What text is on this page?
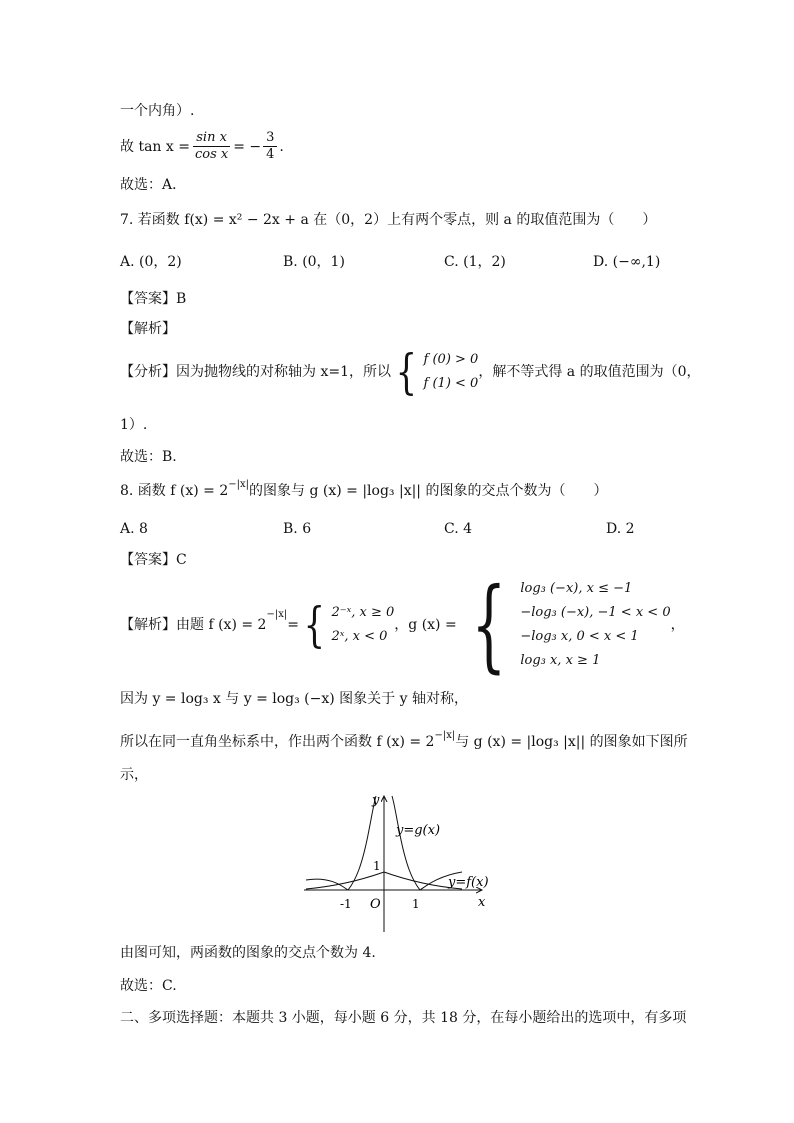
一个内角）.
故 $\tan x = \frac{\text{sin x}}{\text{cos x}}$ = − $\frac{3}{4}$ .
故选：A．
7. 若函数 f(x) = x² − 2x + a 在（0，2）上有两个零点，则 a 的取值范围为（　　）
A. (0，2)	B. (0，1)	C. (1，2)	D. (−∞,1)
【答案】B
【解析】
【分析】因为抛物线的对称轴为 x=1，所以 { f (0) > 0
f (1) < 0
，解不等式得 a 的取值范围为（0，
1）.
故选：B.
8. 函数 f (x) = 2 −|x| 的图象与 g (x) = |log₃ |x|| 的图象的交点个数为（　　）
A. 8	B. 6	C. 4	D. 2
【答案】C
【解析】由题 f (x) = 2
−|x|
= { 2⁻ˣ, x ≥ 0
2ˣ, x < 0
，g (x) = { log₃ (−x), x ≤ −1
−log₃ (−x), −1 < x < 0
−log₃ x, 0 < x < 1
log₃ x, x ≥ 1
，
因为 y = log₃ x 与 y = log₃ (−x) 图象关于 y 轴对称，
所以在同一直角坐标系中，作出两个函数 f (x) = 2 −|x| 与 g (x) = |log₃ |x|| 的图象如下图所
示，
y
x
O
-1	1
1
y=g(x)
y=f(x)
由图可知，两函数的图象的交点个数为 4.
故选：C.
二、多项选择题：本题共 3 小题，每小题 6 分，共 18 分，在每小题给出的选项中，有多项
